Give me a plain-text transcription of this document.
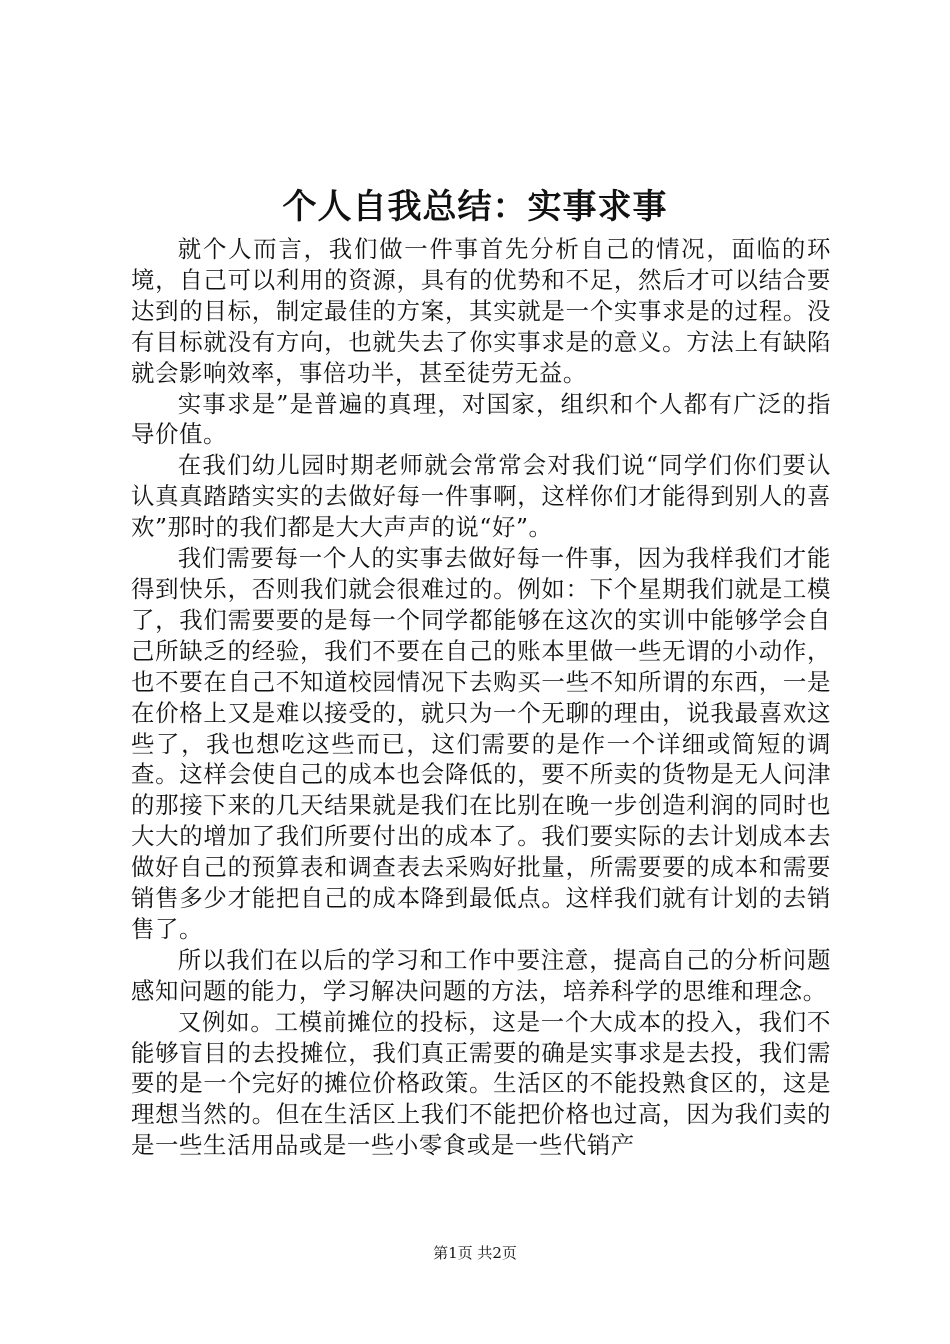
个人自我总结：实事求事

就个人而言，我们做一件事首先分析自己的情况，面临的环境，自己可以利用的资源，具有的优势和不足，然后才可以结合要达到的目标，制定最佳的方案，其实就是一个实事求是的过程。没有目标就没有方向，也就失去了你实事求是的意义。方法上有缺陷就会影响效率，事倍功半，甚至徒劳无益。

实事求是”是普遍的真理，对国家，组织和个人都有广泛的指导价值。

在我们幼儿园时期老师就会常常会对我们说“同学们你们要认认真真踏踏实实的去做好每一件事啊，这样你们才能得到别人的喜欢”那时的我们都是大大声声的说“好”。

我们需要每一个人的实事去做好每一件事，因为我样我们才能得到快乐，否则我们就会很难过的。例如：下个星期我们就是工模了，我们需要要的是每一个同学都能够在这次的实训中能够学会自己所缺乏的经验，我们不要在自己的账本里做一些无谓的小动作，也不要在自己不知道校园情况下去购买一些不知所谓的东西，一是在价格上又是难以接受的，就只为一个无聊的理由，说我最喜欢这些了，我也想吃这些而已，这们需要的是作一个详细或简短的调查。这样会使自己的成本也会降低的，要不所卖的货物是无人问津的那接下来的几天结果就是我们在比别在晚一步创造利润的同时也大大的增加了我们所要付出的成本了。我们要实际的去计划成本去做好自己的预算表和调查表去采购好批量，所需要要的成本和需要销售多少才能把自己的成本降到最低点。这样我们就有计划的去销售了。

所以我们在以后的学习和工作中要注意，提高自己的分析问题感知问题的能力，学习解决问题的方法，培养科学的思维和理念。

又例如。工模前摊位的投标，这是一个大成本的投入，我们不能够盲目的去投摊位，我们真正需要的确是实事求是去投，我们需要的是一个完好的摊位价格政策。生活区的不能投熟食区的，这是理想当然的。但在生活区上我们不能把价格也过高，因为我们卖的是一些生活用品或是一些小零食或是一些代销产

第1页 共2页
